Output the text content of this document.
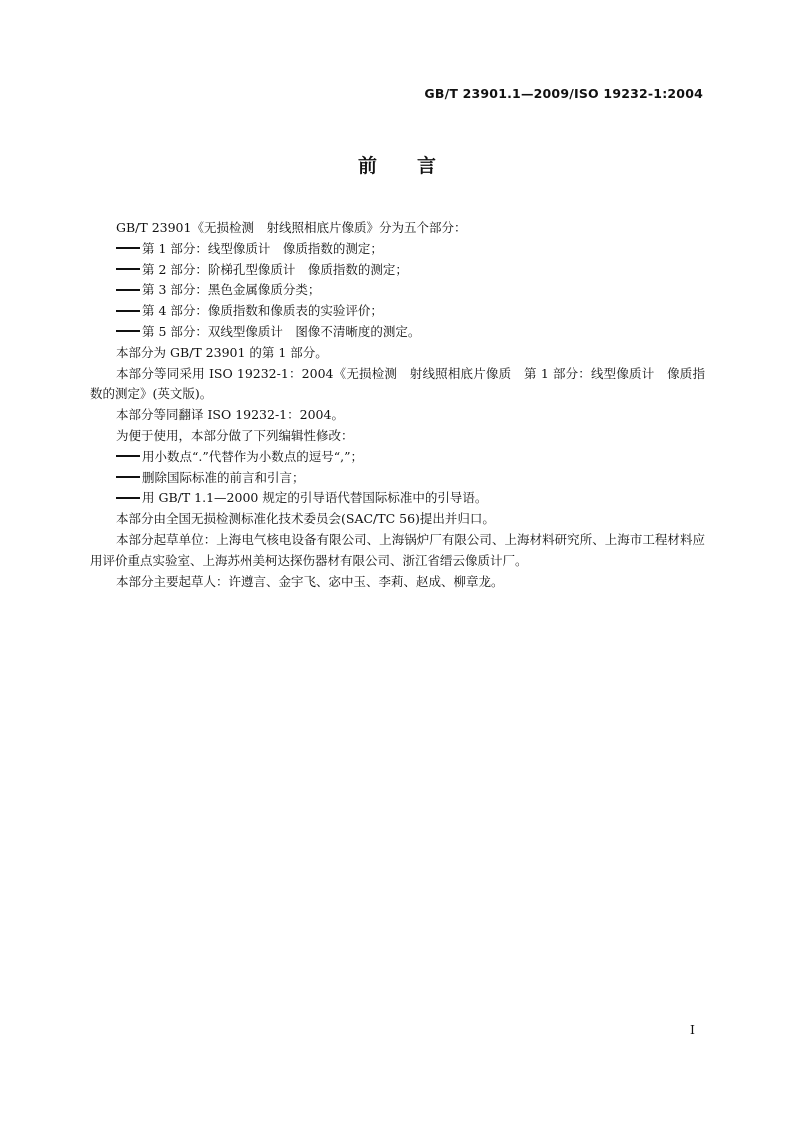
GB/T 23901.1—2009/ISO 19232-1:2004
前 言

GB/T 23901《无损检测　射线照相底片像质》分为五个部分：

第 1 部分：线型像质计　像质指数的测定；

第 2 部分：阶梯孔型像质计　像质指数的测定；

第 3 部分：黑色金属像质分类；

第 4 部分：像质指数和像质表的实验评价；

第 5 部分：双线型像质计　图像不清晰度的测定。

本部分为 GB/T 23901 的第 1 部分。

本部分等同采用 ISO 19232-1：2004《无损检测　射线照相底片像质　第 1 部分：线型像质计　像质指数的测定》(英文版)。

本部分等同翻译 ISO 19232-1：2004。

为便于使用，本部分做了下列编辑性修改：

用小数点“.”代替作为小数点的逗号“,”；

删除国际标准的前言和引言；

用 GB/T 1.1—2000 规定的引导语代替国际标准中的引导语。

本部分由全国无损检测标准化技术委员会(SAC/TC 56)提出并归口。

本部分起草单位：上海电气核电设备有限公司、上海锅炉厂有限公司、上海材料研究所、上海市工程材料应用评价重点实验室、上海苏州美柯达探伤器材有限公司、浙江省缙云像质计厂。

本部分主要起草人：许遵言、金宇飞、宓中玉、李莉、赵成、柳章龙。

I
